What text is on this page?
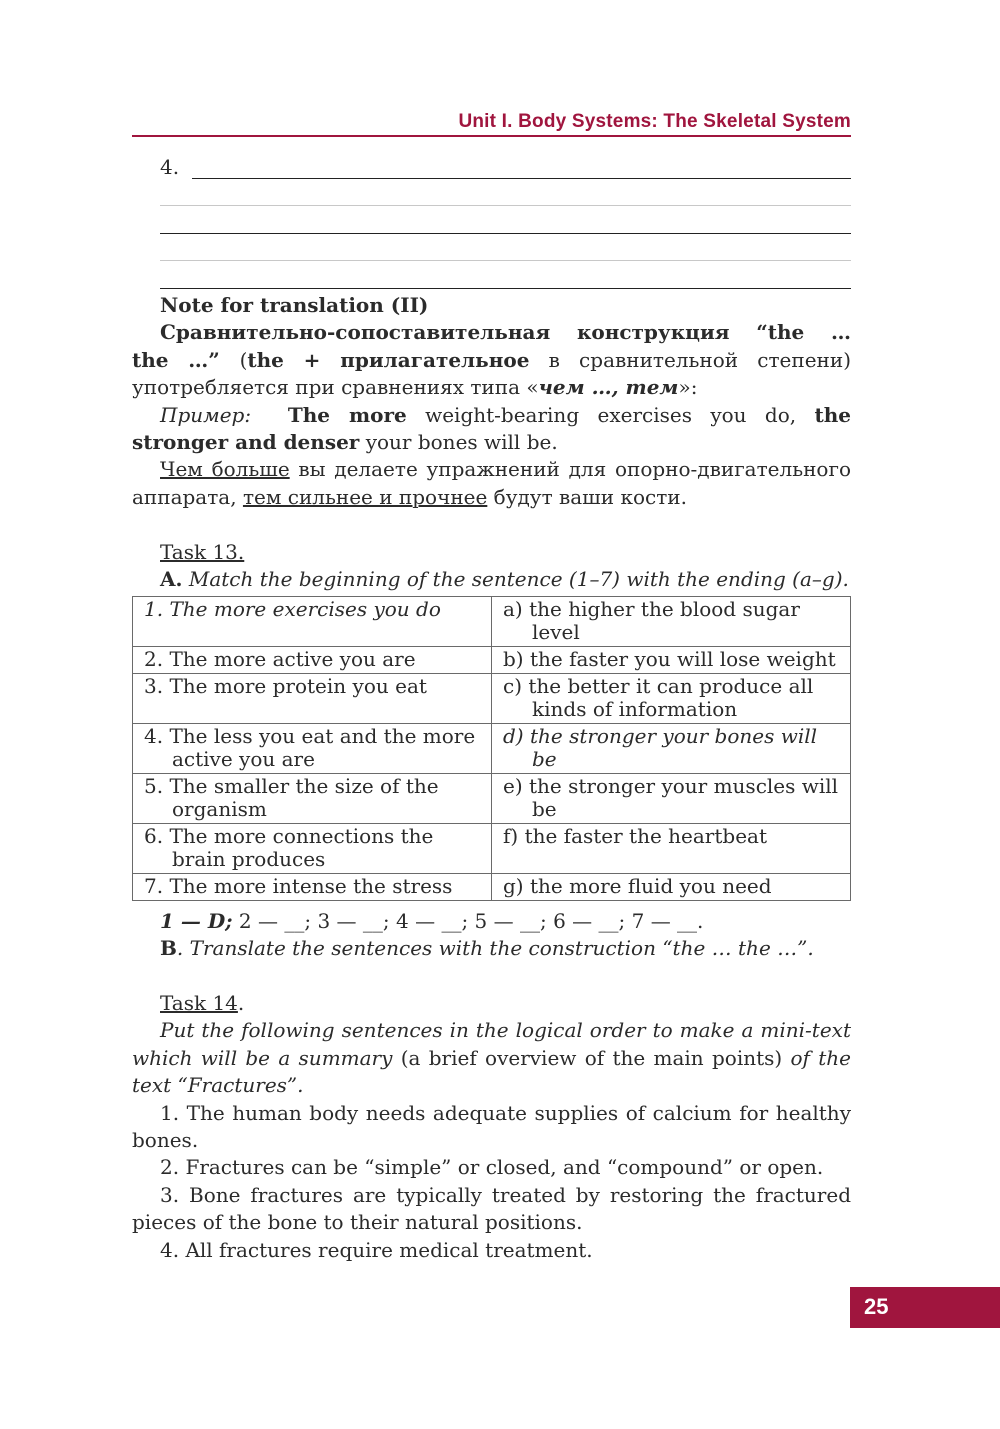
Unit I. Body Systems: The Skeletal System
4.

Note for translation (II)

Сравнительно-сопоставительная конструкция “the …

the …” (the + прилагательное в сравнительной степени)

употребляется при сравнениях типа «чем …, тем»:

Пример: The more weight-bearing exercises you do, the stronger and denser your bones will be.

Чем больше вы делаете упражнений для опорно-двигательного аппарата, тем сильнее и прочнее будут ваши кости.

Task 13.

A. Match the beginning of the sentence (1–7) with the ending (a–g).

1. The more exercises you do	a) the higher the blood sugar level

2. The more active you are	b) the faster you will lose weight

3. The more protein you eat	c) the better it can produce all kinds of information

4. The less you eat and the more active you are	d) the stronger your bones will be

5. The smaller the size of the organism	e) the stronger your muscles will be

6. The more connections the brain produces	f) the faster the heartbeat

7. The more intense the stress	g) the more fluid you need

1 — D; 2 — __; 3 — __; 4 — __; 5 — __; 6 — __; 7 — __.

B. Translate the sentences with the construction “the … the …”.

Task 14.

Put the following sentences in the logical order to make a mini-text which will be a summary (a brief overview of the main points) of the text “Fractures”.

1. The human body needs adequate supplies of calcium for healthy bones.

2. Fractures can be “simple” or closed, and “compound” or open.

3. Bone fractures are typically treated by restoring the fractured pieces of the bone to their natural positions.

4. All fractures require medical treatment.

25
